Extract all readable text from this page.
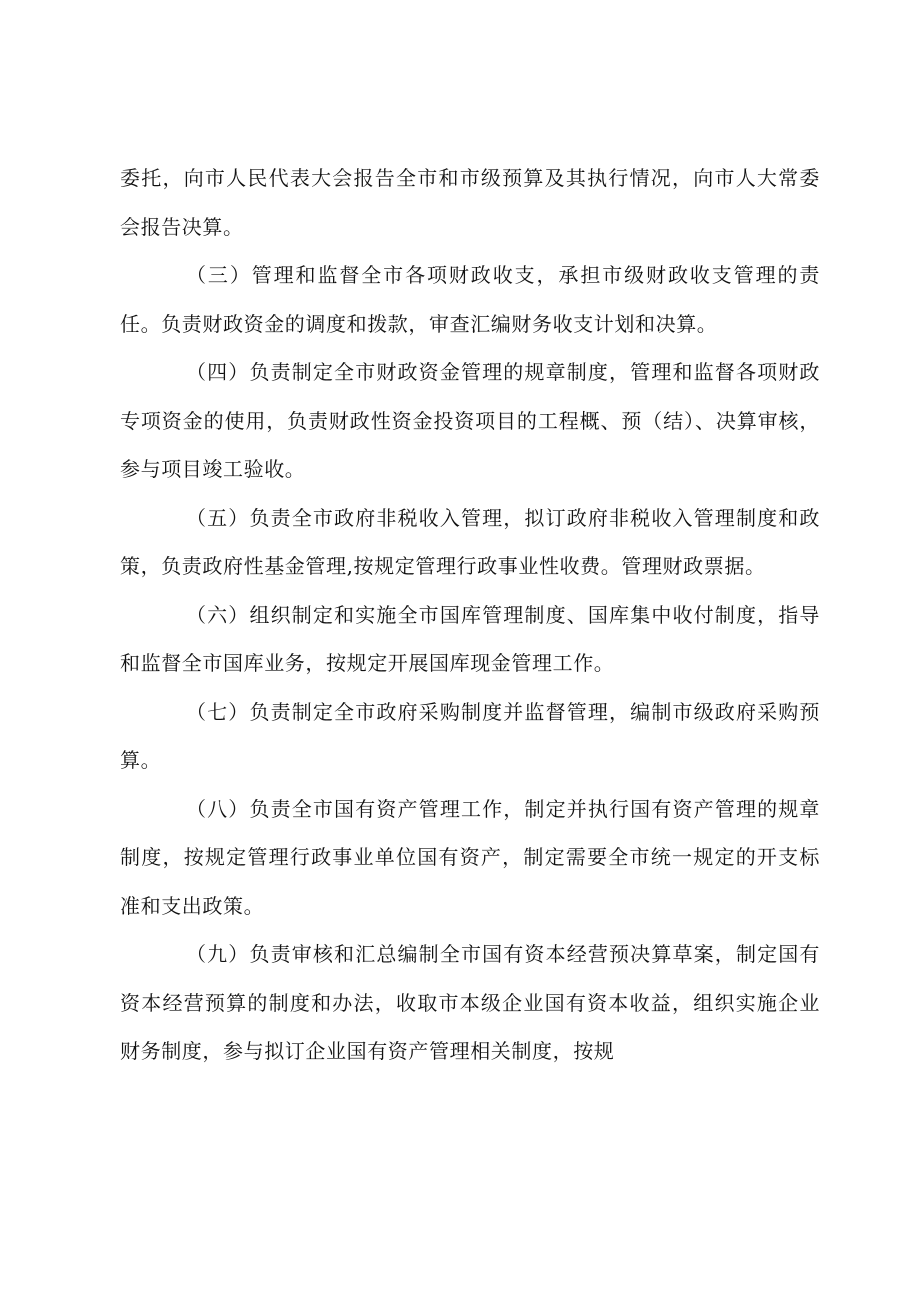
委托，向市人民代表大会报告全市和市级预算及其执行情况，向市人大常委会报告决算。

（三）管理和监督全市各项财政收支，承担市级财政收支管理的责任。负责财政资金的调度和拨款，审查汇编财务收支计划和决算。

（四）负责制定全市财政资金管理的规章制度，管理和监督各项财政专项资金的使用，负责财政性资金投资项目的工程概、预（结）、决算审核，参与项目竣工验收。

（五）负责全市政府非税收入管理，拟订政府非税收入管理制度和政策，负责政府性基金管理,按规定管理行政事业性收费。管理财政票据。

（六）组织制定和实施全市国库管理制度、国库集中收付制度，指导和监督全市国库业务，按规定开展国库现金管理工作。

（七）负责制定全市政府采购制度并监督管理，编制市级政府采购预算。

（八）负责全市国有资产管理工作，制定并执行国有资产管理的规章制度，按规定管理行政事业单位国有资产，制定需要全市统一规定的开支标准和支出政策。

（九）负责审核和汇总编制全市国有资本经营预决算草案，制定国有资本经营预算的制度和办法，收取市本级企业国有资本收益，组织实施企业财务制度，参与拟订企业国有资产管理相关制度，按规
